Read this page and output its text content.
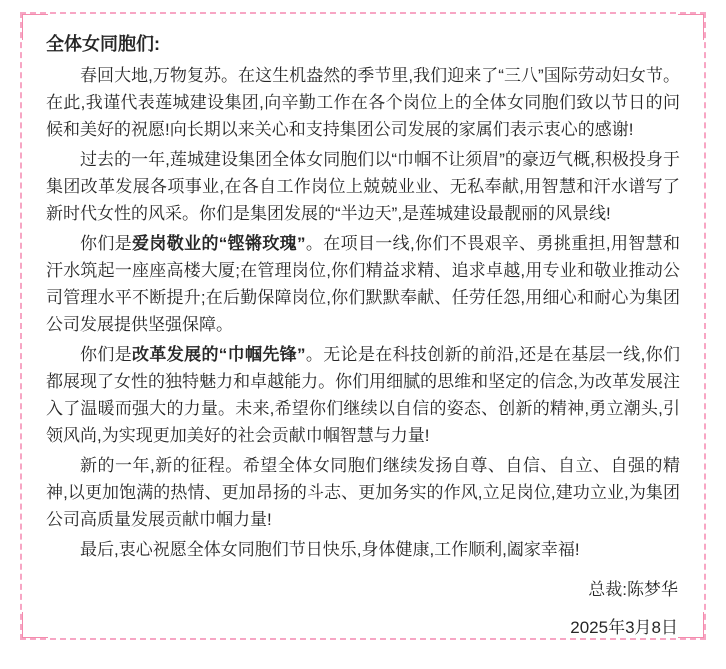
全体女同胞们:

春回大地,万物复苏。在这生机盎然的季节里,我们迎来了“三八”国际劳动妇女节。在此,我谨代表莲城建设集团,向辛勤工作在各个岗位上的全体女同胞们致以节日的问候和美好的祝愿!向长期以来关心和支持集团公司发展的家属们表示衷心的感谢!

过去的一年,莲城建设集团全体女同胞们以“巾帼不让须眉”的豪迈气概,积极投身于集团改革发展各项事业,在各自工作岗位上兢兢业业、无私奉献,用智慧和汗水谱写了新时代女性的风采。你们是集团发展的“半边天”,是莲城建设最靓丽的风景线!

你们是爱岗敬业的“铿锵玫瑰”。在项目一线,你们不畏艰辛、勇挑重担,用智慧和汗水筑起一座座高楼大厦;在管理岗位,你们精益求精、追求卓越,用专业和敬业推动公司管理水平不断提升;在后勤保障岗位,你们默默奉献、任劳任怨,用细心和耐心为集团公司发展提供坚强保障。

你们是改革发展的“巾帼先锋”。无论是在科技创新的前沿,还是在基层一线,你们都展现了女性的独特魅力和卓越能力。你们用细腻的思维和坚定的信念,为改革发展注入了温暖而强大的力量。未来,希望你们继续以自信的姿态、创新的精神,勇立潮头,引领风尚,为实现更加美好的社会贡献巾帼智慧与力量!

新的一年,新的征程。希望全体女同胞们继续发扬自尊、自信、自立、自强的精神,以更加饱满的热情、更加昂扬的斗志、更加务实的作风,立足岗位,建功立业,为集团公司高质量发展贡献巾帼力量!

最后,衷心祝愿全体女同胞们节日快乐,身体健康,工作顺利,阖家幸福!

总裁:陈梦华
2025年3月8日
